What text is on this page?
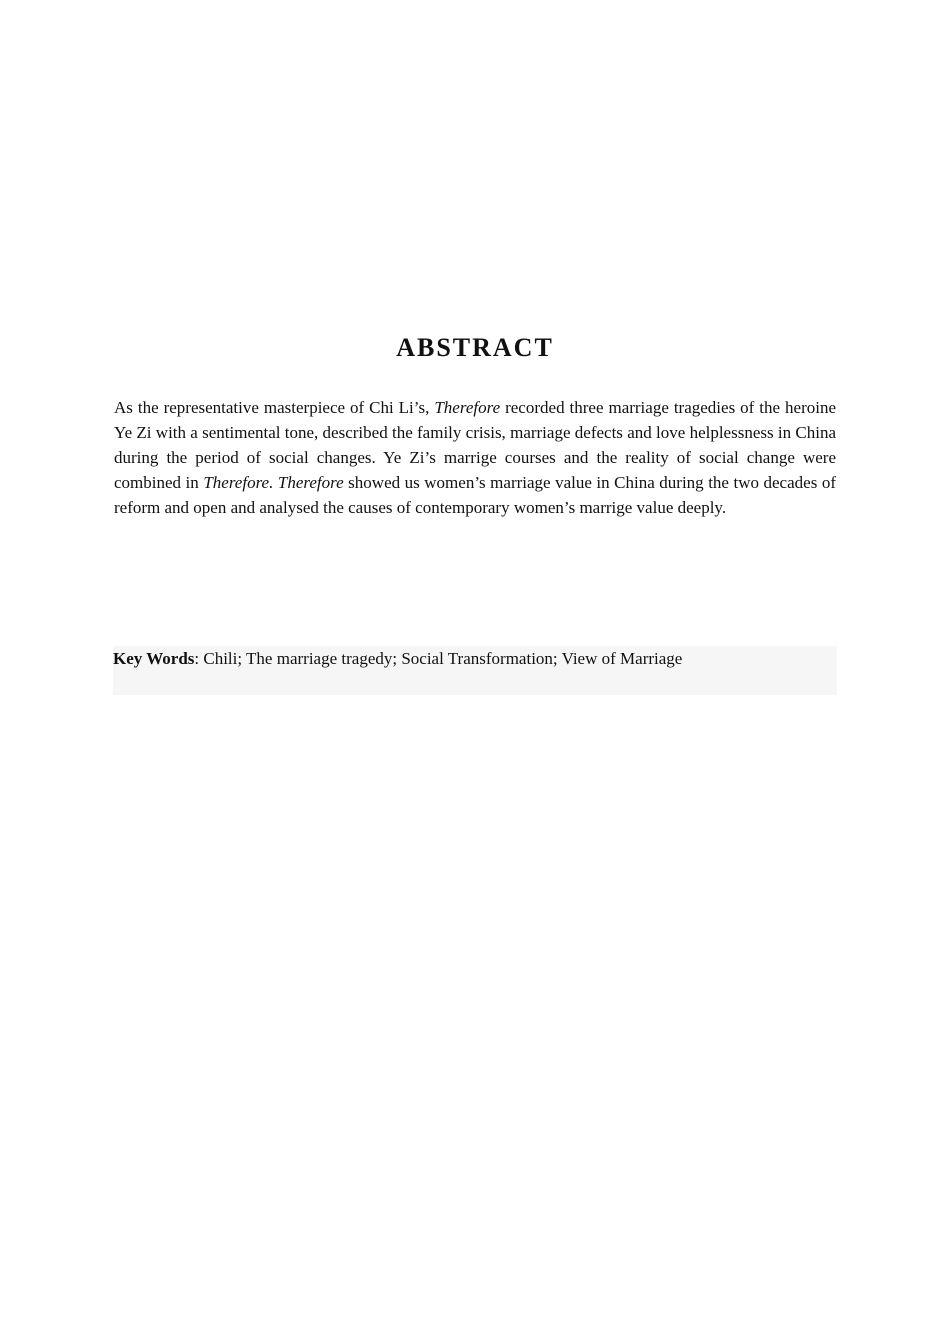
ABSTRACT

As the representative masterpiece of Chi Li’s, Therefore recorded three marriage tragedies of the heroine Ye Zi with a sentimental tone, described the family crisis, marriage defects and love helplessness in China during the period of social changes. Ye Zi’s marrige courses and the reality of social change were combined in Therefore. Therefore showed us women’s marriage value in China during the two decades of reform and open and analysed the causes of contemporary women’s marrige value deeply.

Key Words: Chili; The marriage tragedy; Social Transformation; View of Marriage
